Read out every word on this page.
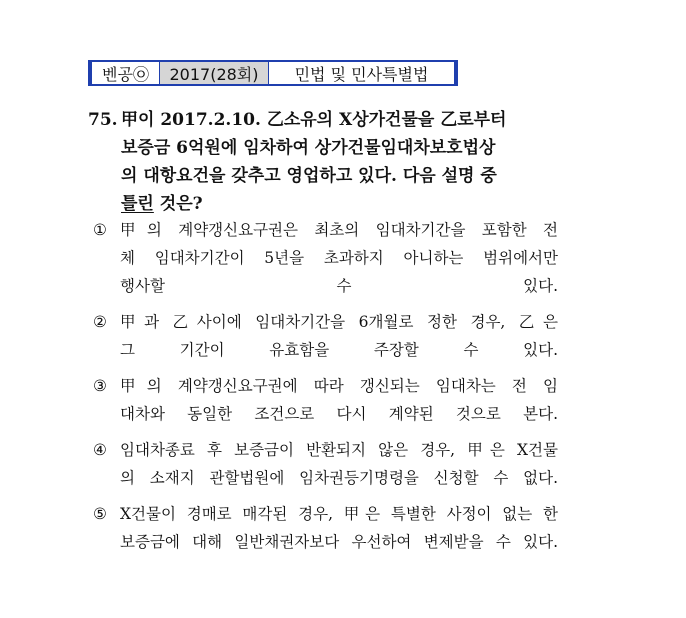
벤공㉧	2017(28회)	민법 및 민사특별법
75. 甲이 2017.2.10. 乙소유의 X상가건물을 乙로부터
보증금 6억원에 임차하여 상가건물임대차보호법상
의 대항요건을 갖추고 영업하고 있다. 다음 설명 중
틀린 것은?
① 甲의 계약갱신요구권은 최초의 임대차기간을 포함한 전
체 임대차기간이 5년을 초과하지 아니하는 범위에서만
행사할 수 있다.
② 甲과 乙사이에 임대차기간을 6개월로 정한 경우, 乙은
그 기간이 유효함을 주장할 수 있다.
③ 甲의 계약갱신요구권에 따라 갱신되는 임대차는 전 임
대차와 동일한 조건으로 다시 계약된 것으로 본다.
④ 임대차종료 후 보증금이 반환되지 않은 경우, 甲은 X건물
의 소재지 관할법원에 임차권등기명령을 신청할 수 없다.
⑤ X건물이 경매로 매각된 경우, 甲은 특별한 사정이 없는 한
보증금에 대해 일반채권자보다 우선하여 변제받을 수 있다.
